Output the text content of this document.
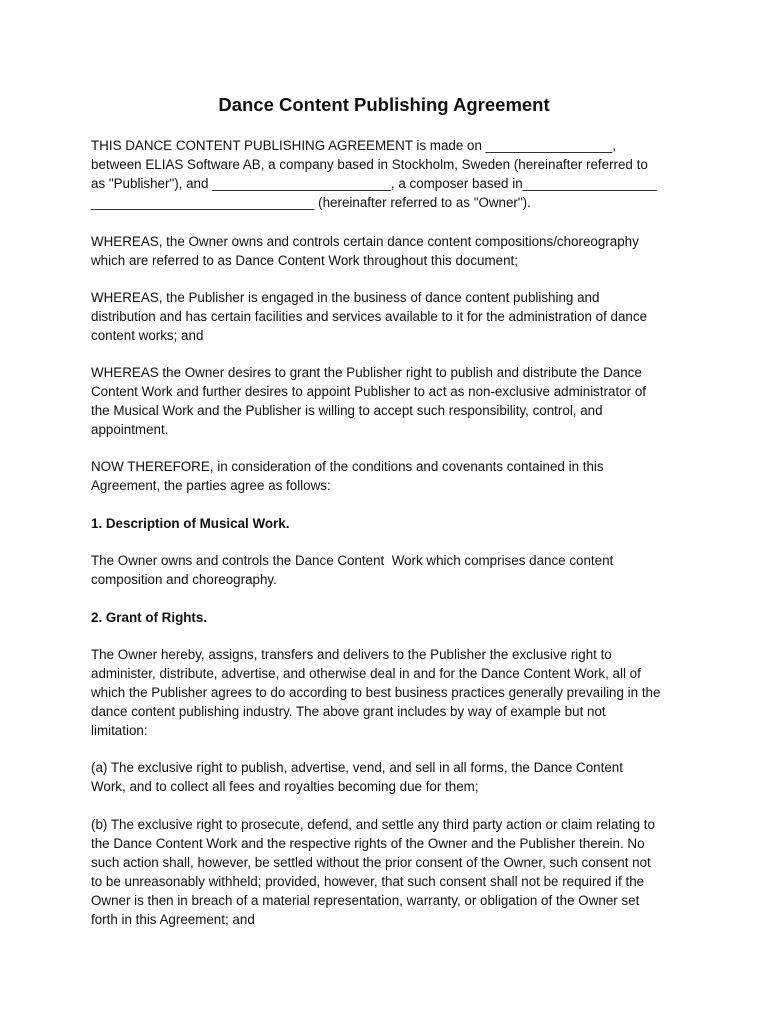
Dance Content Publishing Agreement
THIS DANCE CONTENT PUBLISHING AGREEMENT is made on _________________,
between ELIAS Software AB, a company based in Stockholm, Sweden (hereinafter referred to
as "Publisher"), and ________________________, a composer based in__________________
______________________________ (hereinafter referred to as "Owner").
WHEREAS, the Owner owns and controls certain dance content compositions/choreography
which are referred to as Dance Content Work throughout this document;
WHEREAS, the Publisher is engaged in the business of dance content publishing and
distribution and has certain facilities and services available to it for the administration of dance
content works; and
WHEREAS the Owner desires to grant the Publisher right to publish and distribute the Dance
Content Work and further desires to appoint Publisher to act as non-exclusive administrator of
the Musical Work and the Publisher is willing to accept such responsibility, control, and
appointment.
NOW THEREFORE, in consideration of the conditions and covenants contained in this
Agreement, the parties agree as follows:
1. Description of Musical Work.
The Owner owns and controls the Dance Content  Work which comprises dance content
composition and choreography.
2. Grant of Rights.
The Owner hereby, assigns, transfers and delivers to the Publisher the exclusive right to
administer, distribute, advertise, and otherwise deal in and for the Dance Content Work, all of
which the Publisher agrees to do according to best business practices generally prevailing in the
dance content publishing industry. The above grant includes by way of example but not
limitation:
(a) The exclusive right to publish, advertise, vend, and sell in all forms, the Dance Content
Work, and to collect all fees and royalties becoming due for them;
(b) The exclusive right to prosecute, defend, and settle any third party action or claim relating to
the Dance Content Work and the respective rights of the Owner and the Publisher therein. No
such action shall, however, be settled without the prior consent of the Owner, such consent not
to be unreasonably withheld; provided, however, that such consent shall not be required if the
Owner is then in breach of a material representation, warranty, or obligation of the Owner set
forth in this Agreement; and
